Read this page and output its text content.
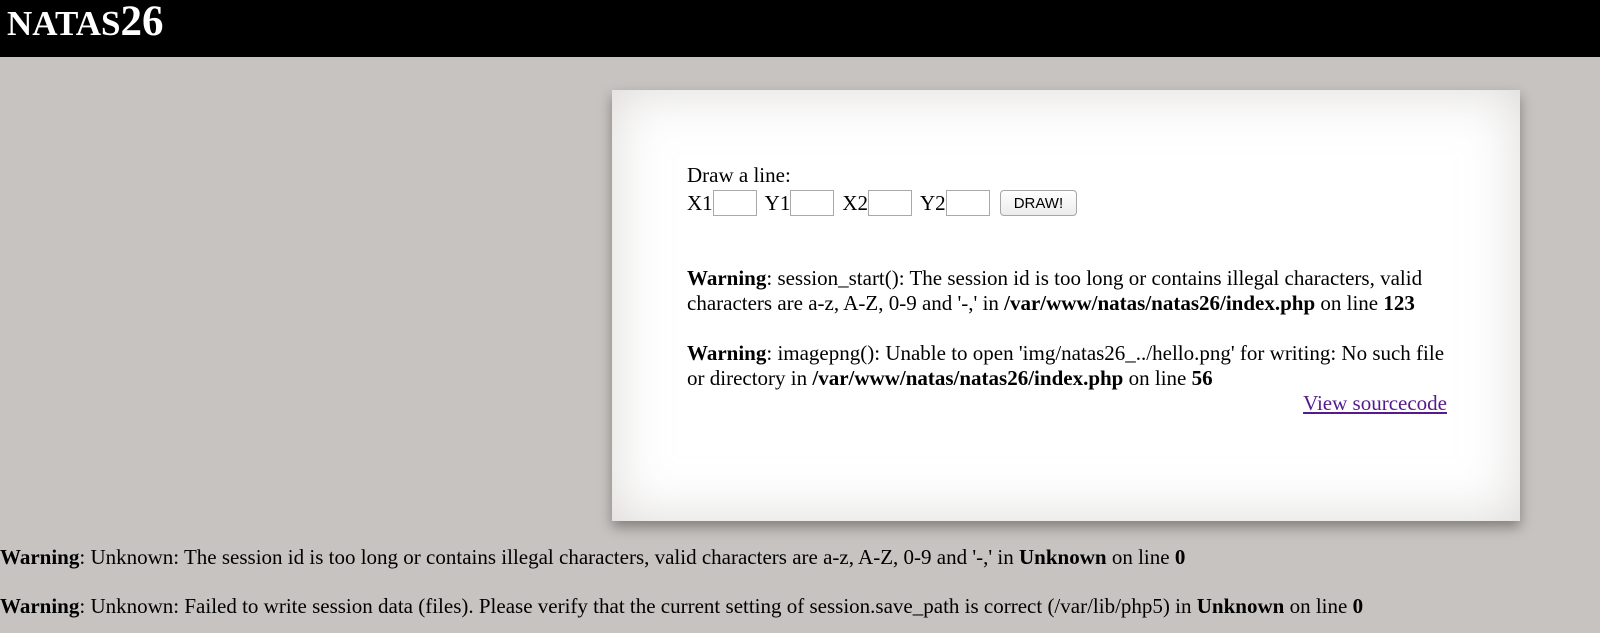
NATAS26
Draw a line:
X1 Y1 X2 Y2	DRAW!

Warning: session_start(): The session id is too long or contains illegal characters, valid characters are a-z, A-Z, 0-9 and '-,' in /var/www/natas/natas26/index.php on line 123

Warning: imagepng(): Unable to open 'img/natas26_../hello.png' for writing: No such file or directory in /var/www/natas/natas26/index.php on line 56

View sourcecode

Warning: Unknown: The session id is too long or contains illegal characters, valid characters are a-z, A-Z, 0-9 and '-,' in Unknown on line 0

Warning: Unknown: Failed to write session data (files). Please verify that the current setting of session.save_path is correct (/var/lib/php5) in Unknown on line 0
